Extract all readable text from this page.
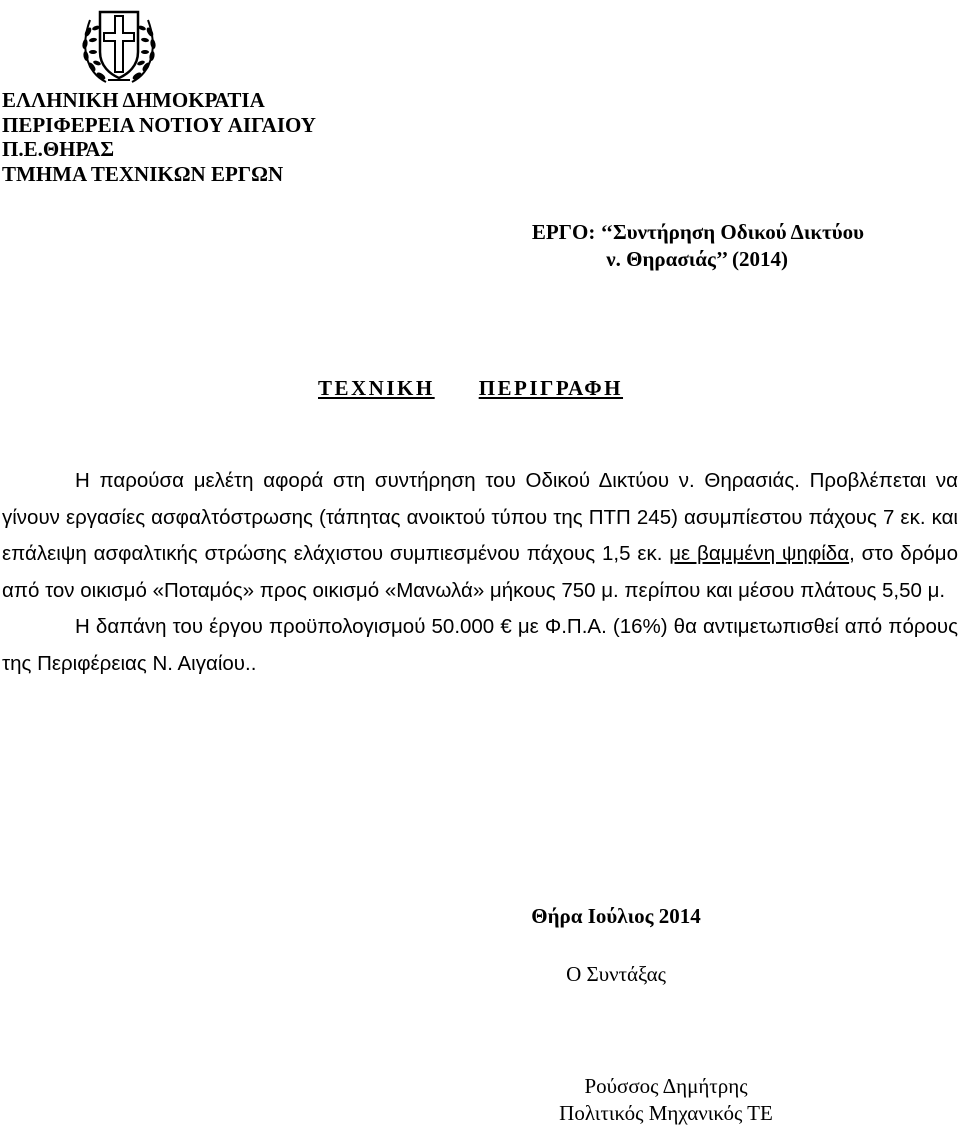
ΕΛΛΗΝΙΚΗ ΔΗΜΟΚΡΑΤΙΑ
ΠΕΡΙΦΕΡΕΙΑ ΝΟΤΙΟΥ ΑΙΓΑΙΟΥ
Π.Ε.ΘΗΡΑΣ
ΤΜΗΜΑ ΤΕΧΝΙΚΩΝ ΕΡΓΩΝ
ΕΡΓΟ: ‘‘Συντήρηση Οδικού Δικτύου
ν. Θηρασιάς’’ (2014)
ΤΕΧΝΙΚΗ ΠΕΡΙΓΡΑΦΗ

Η παρούσα μελέτη αφορά στη συντήρηση του Οδικού Δικτύου ν. Θηρασιάς. Προβλέπεται να γίνουν εργασίες ασφαλτόστρωσης (τάπητας ανοικτού τύπου της ΠΤΠ 245) ασυμπίεστου πάχους 7 εκ. και επάλειψη ασφαλτικής στρώσης ελάχιστου συμπιεσμένου πάχους 1,5 εκ. με βαμμένη ψηφίδα, στο δρόμο από τον οικισμό «Ποταμός» προς οικισμό «Μανωλά» μήκους 750 μ. περίπου και μέσου πλάτους 5,50 μ.

Η δαπάνη του έργου προϋπολογισμού 50.000 € με Φ.Π.Α. (16%) θα αντιμετωπισθεί από πόρους της Περιφέρειας Ν. Αιγαίου..

Θήρα Ιούλιος 2014
Ο Συντάξας
Ρούσσος Δημήτρης
Πολιτικός Μηχανικός ΤΕ
